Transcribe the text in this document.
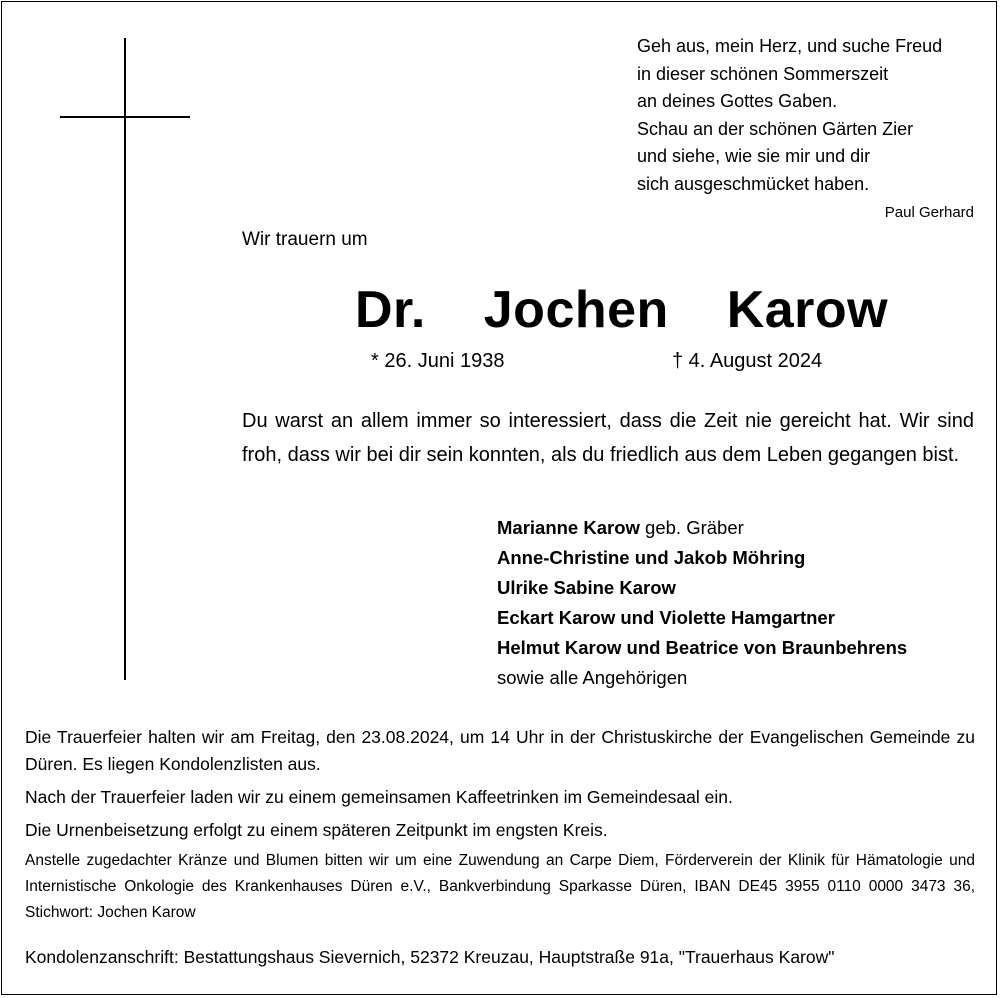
Geh aus, mein Herz, und suche Freud
in dieser schönen Sommerszeit
an deines Gottes Gaben.
Schau an der schönen Gärten Zier
und siehe, wie sie mir und dir
sich ausgeschmücket haben.
Paul Gerhard
Wir trauern um
Dr.  Jochen  Karow
* 26. Juni 1938	† 4. August 2024
Du warst an allem immer so interessiert, dass die Zeit nie gereicht hat. Wir sind froh, dass wir bei dir sein konnten, als du friedlich aus dem Leben gegangen bist.
Marianne Karow geb. Gräber
Anne-Christine und Jakob Möhring
Ulrike Sabine Karow
Eckart Karow und Violette Hamgartner
Helmut Karow und Beatrice von Braunbehrens
sowie alle Angehörigen

Die Trauerfeier halten wir am Freitag, den 23.08.2024, um 14 Uhr in der Christuskirche der Evangelischen Gemeinde zu Düren. Es liegen Kondolenzlisten aus.

Nach der Trauerfeier laden wir zu einem gemeinsamen Kaffeetrinken im Gemeindesaal ein.

Die Urnenbeisetzung erfolgt zu einem späteren Zeitpunkt im engsten Kreis.

Anstelle zugedachter Kränze und Blumen bitten wir um eine Zuwendung an Carpe Diem, Förderverein der Klinik für Hämatologie und Internistische Onkologie des Krankenhauses Düren e.V., Bankverbindung Sparkasse Düren, IBAN DE45 3955 0110 0000 3473 36, Stichwort: Jochen Karow
Kondolenzanschrift: Bestattungshaus Sievernich, 52372 Kreuzau, Hauptstraße 91a, "Trauerhaus Karow"
